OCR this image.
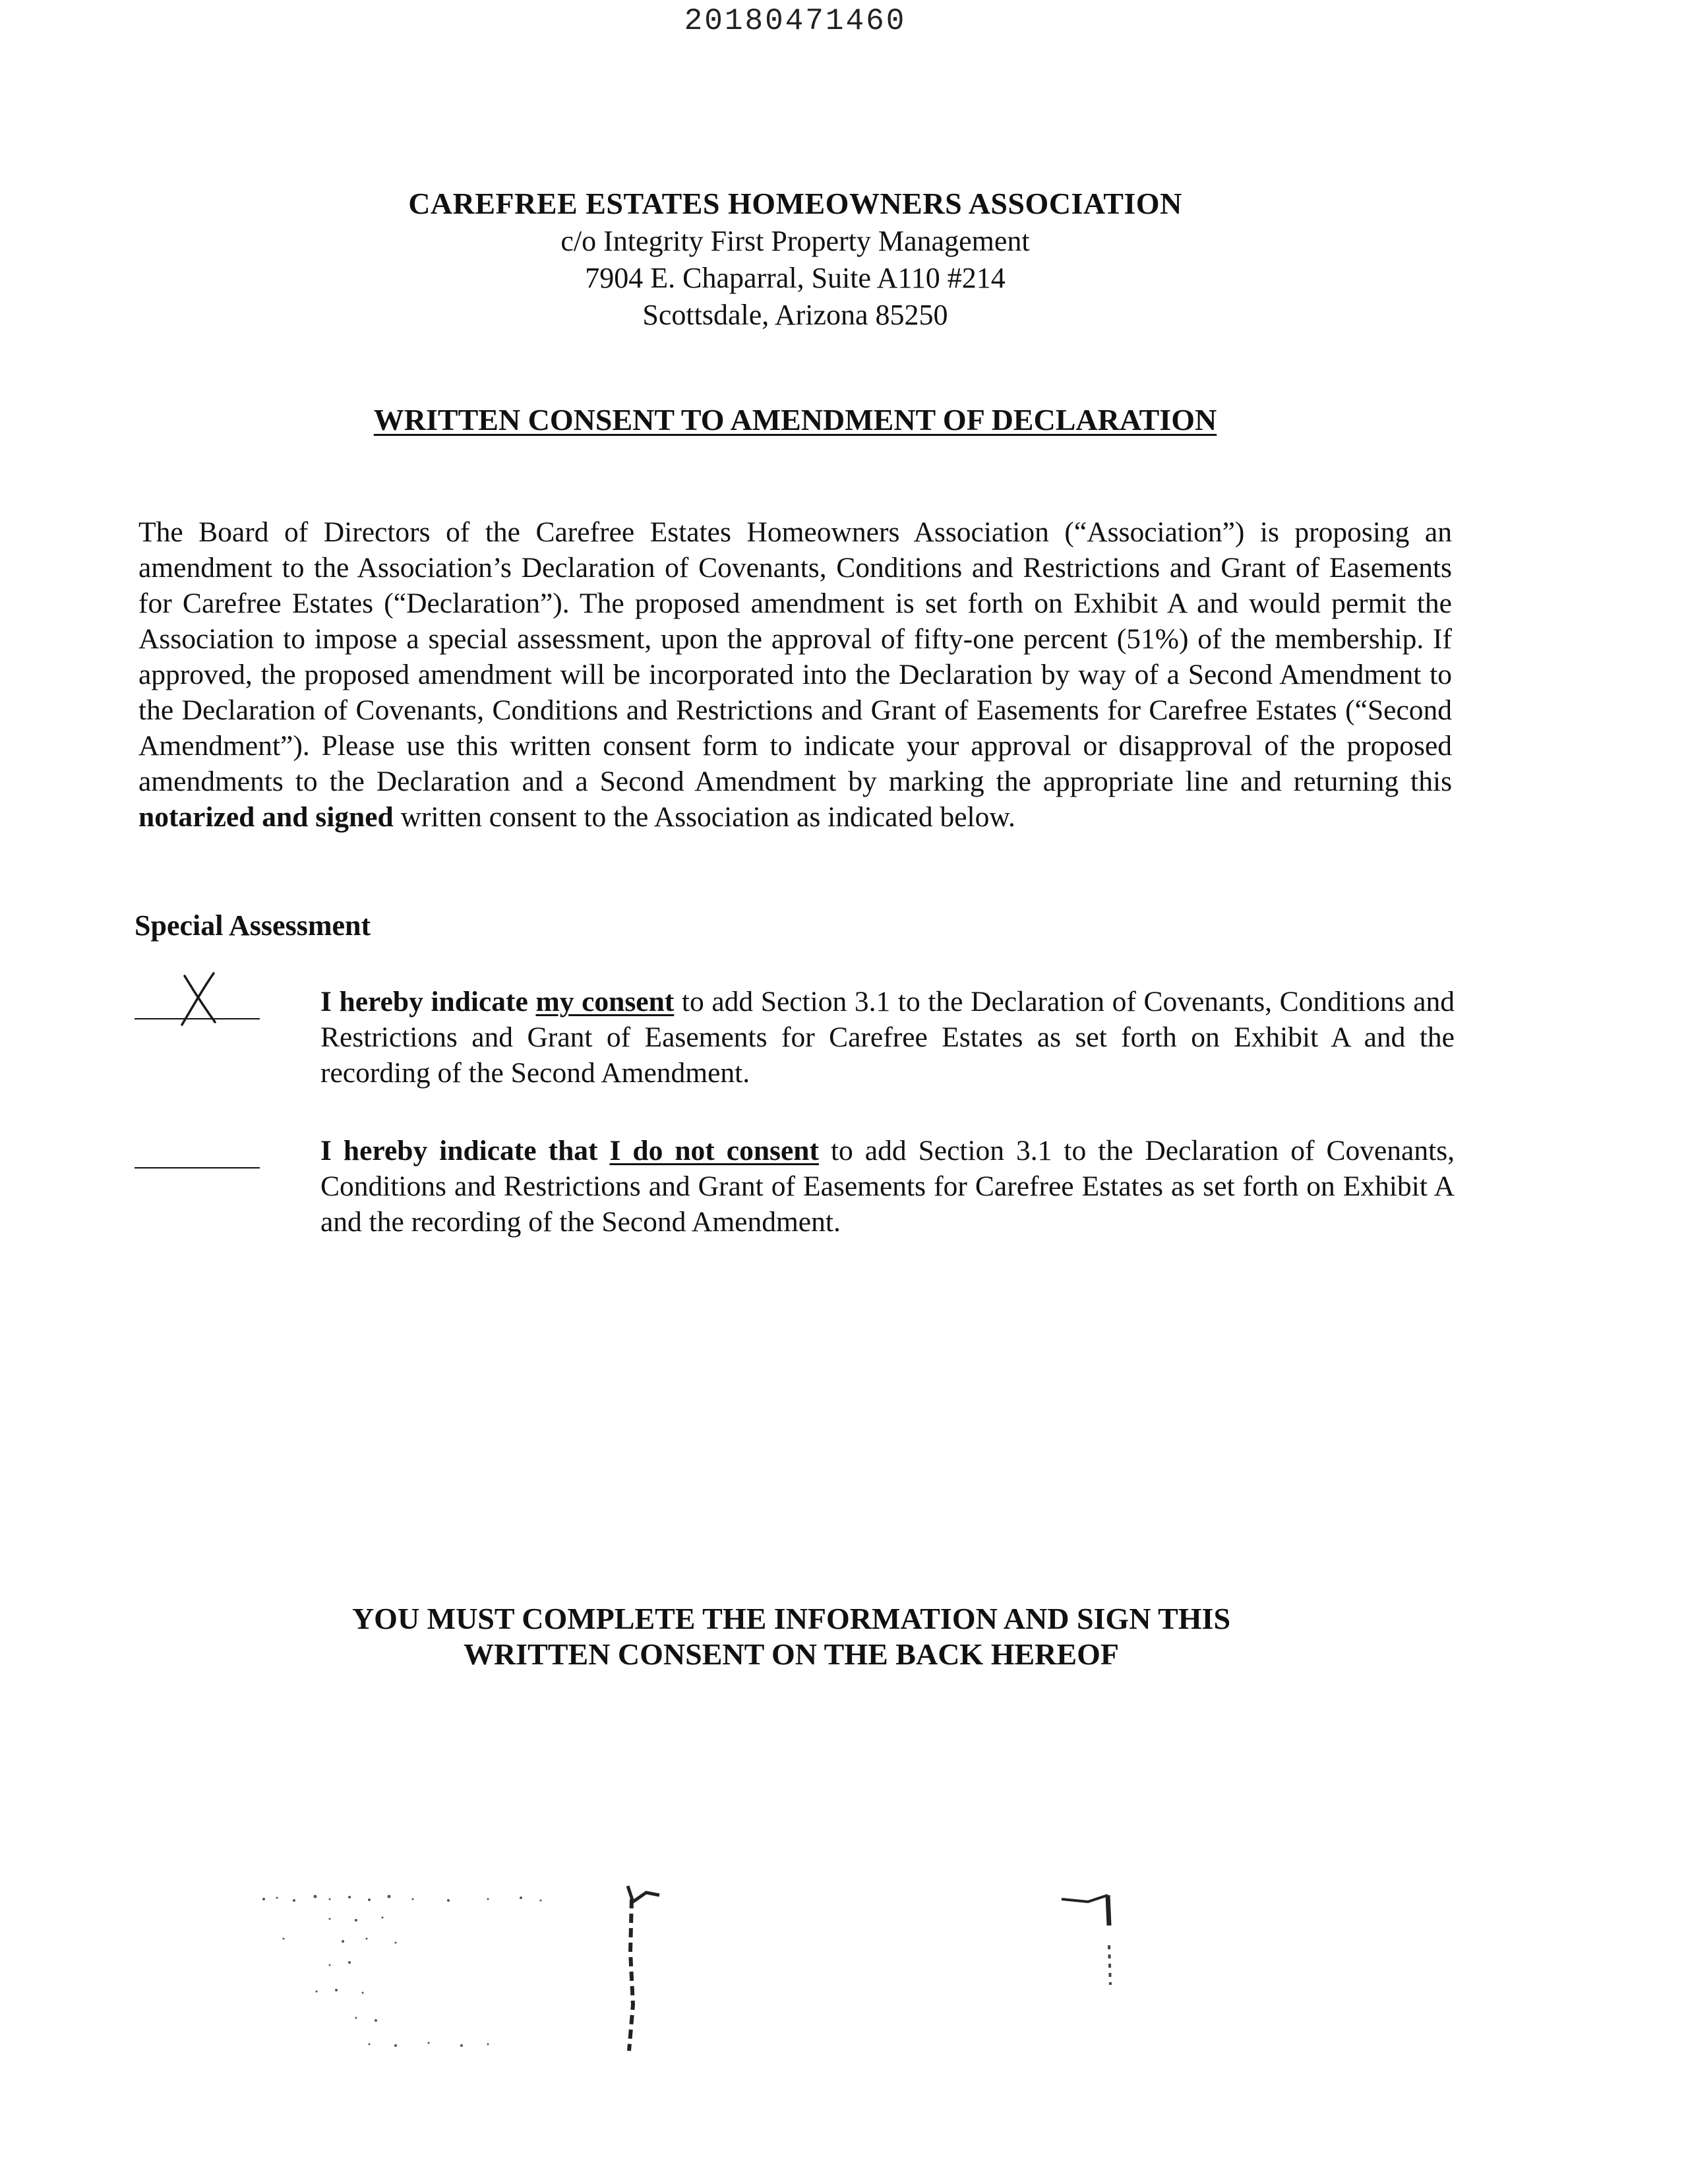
20180471460
CAREFREE ESTATES HOMEOWNERS ASSOCIATION
c/o Integrity First Property Management
7904 E. Chaparral, Suite A110 #214
Scottsdale, Arizona 85250
WRITTEN CONSENT TO AMENDMENT OF DECLARATION
The Board of Directors of the Carefree Estates Homeowners Association (“Association”) is proposing an amendment to the Association’s Declaration of Covenants, Conditions and Restrictions and Grant of Easements for Carefree Estates (“Declaration”). The proposed amendment is set forth on Exhibit A and would permit the Association to impose a special assessment, upon the approval of fifty-one percent (51%) of the membership. If approved, the proposed amendment will be incorporated into the Declaration by way of a Second Amendment to the Declaration of Covenants, Conditions and Restrictions and Grant of Easements for Carefree Estates (“Second Amendment”). Please use this written consent form to indicate your approval or disapproval of the proposed amendments to the Declaration and a Second Amendment by marking the appropriate line and returning this notarized and signed written consent to the Association as indicated below.
Special Assessment
I hereby indicate my consent to add Section 3.1 to the Declaration of Covenants, Conditions and Restrictions and Grant of Easements for Carefree Estates as set forth on Exhibit A and the recording of the Second Amendment.
I hereby indicate that I do not consent to add Section 3.1 to the Declaration of Covenants, Conditions and Restrictions and Grant of Easements for Carefree Estates as set forth on Exhibit A and the recording of the Second Amendment.
YOU MUST COMPLETE THE INFORMATION AND SIGN THIS
WRITTEN CONSENT ON THE BACK HEREOF
